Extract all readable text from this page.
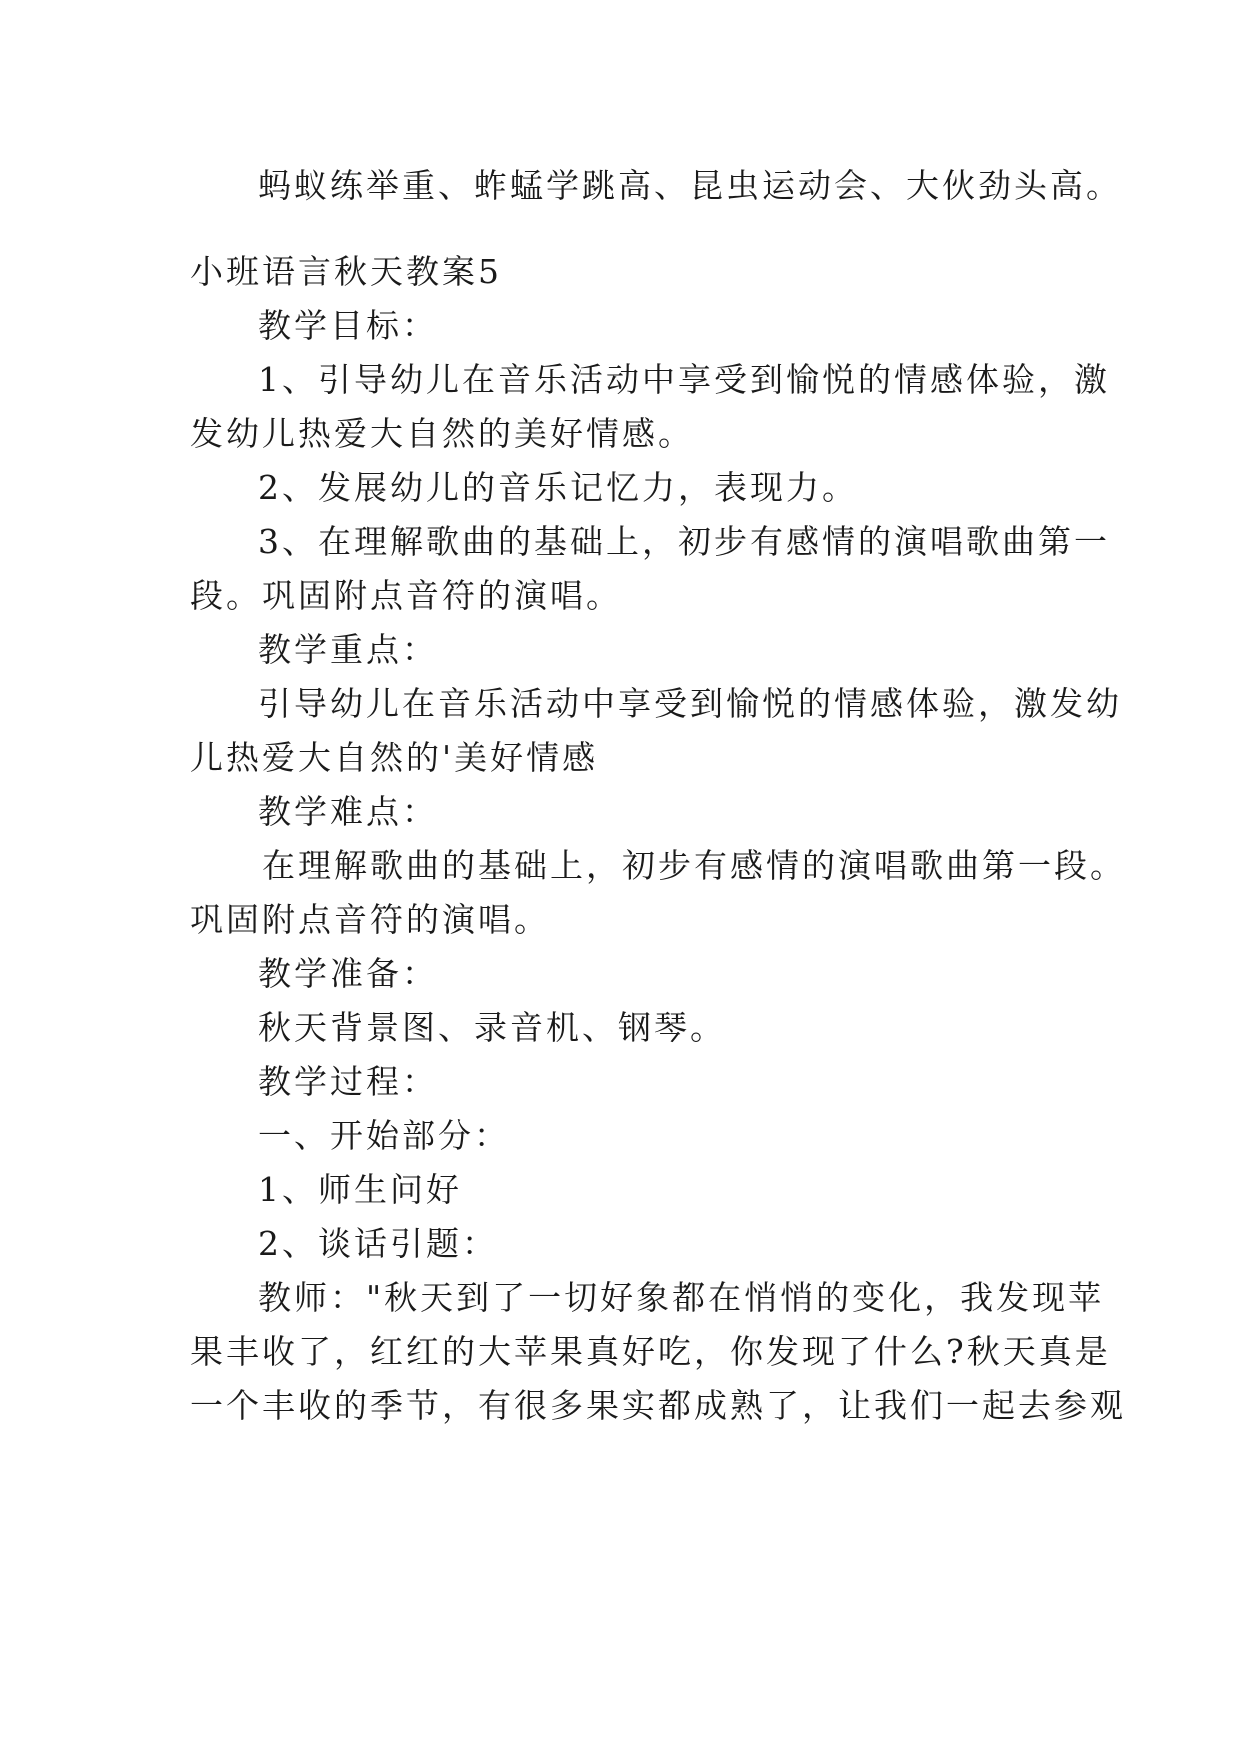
蚂蚁练举重、蚱蜢学跳高、昆虫运动会、大伙劲头高。
小班语言秋天教案5
教学目标：
1、引导幼儿在音乐活动中享受到愉悦的情感体验，激
发幼儿热爱大自然的美好情感。
2、发展幼儿的音乐记忆力，表现力。
3、在理解歌曲的基础上，初步有感情的演唱歌曲第一
段。巩固附点音符的演唱。
教学重点：
引导幼儿在音乐活动中享受到愉悦的情感体验，激发幼
儿热爱大自然的'美好情感
教学难点：
在理解歌曲的基础上，初步有感情的演唱歌曲第一段。
巩固附点音符的演唱。
教学准备：
秋天背景图、录音机、钢琴。
教学过程：
一、开始部分：
1、师生问好
2、谈话引题：
教师："秋天到了一切好象都在悄悄的变化，我发现苹
果丰收了，红红的大苹果真好吃，你发现了什么?秋天真是
一个丰收的季节，有很多果实都成熟了，让我们一起去参观
